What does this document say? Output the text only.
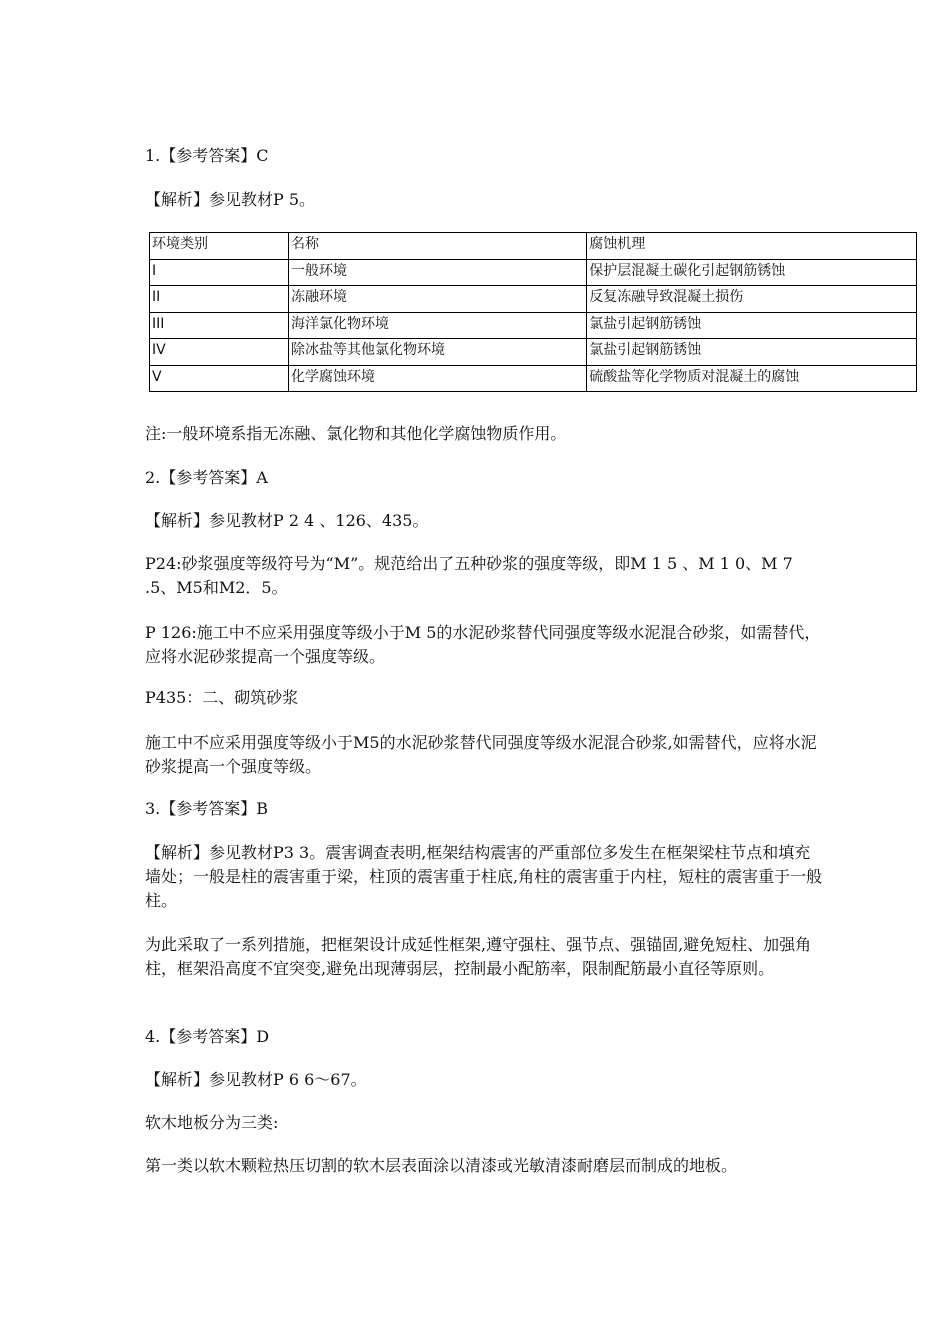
1.【参考答案】C

【解析】参见教材P 5。

环境类别	名称	腐蚀机理
I	一般环境	保护层混凝土碳化引起钢筋锈蚀
II	冻融环境	反复冻融导致混凝土损伤
III	海洋氯化物环境	氯盐引起钢筋锈蚀
IV	除冰盐等其他氯化物环境	氯盐引起钢筋锈蚀
V	化学腐蚀环境	硫酸盐等化学物质对混凝土的腐蚀

注:一般环境系指无冻融、氯化物和其他化学腐蚀物质作用。

2.【参考答案】A

【解析】参见教材P 2 4 、126、435。

P24:砂浆强度等级符号为“M”。规范给出了五种砂浆的强度等级，即M 1 5 、M 1 0、M 7 .5、M5和M2．5。

P 126:施工中不应采用强度等级小于M 5的水泥砂浆替代同强度等级水泥混合砂浆，如需替代，应将水泥砂浆提高一个强度等级。

P435：二、砌筑砂浆

施工中不应采用强度等级小于M5的水泥砂浆替代同强度等级水泥混合砂浆,如需替代，应将水泥砂浆提高一个强度等级。

3.【参考答案】B

【解析】参见教材P3 3。震害调查表明,框架结构震害的严重部位多发生在框架梁柱节点和填充墙处；一般是柱的震害重于梁，柱顶的震害重于柱底,角柱的震害重于内柱，短柱的震害重于一般柱。

为此采取了一系列措施，把框架设计成延性框架,遵守强柱、强节点、强锚固,避免短柱、加强角柱，框架沿高度不宜突变,避免出现薄弱层，控制最小配筋率，限制配筋最小直径等原则。

4.【参考答案】D

【解析】参见教材P 6 6～67。

软木地板分为三类:

第一类以软木颗粒热压切割的软木层表面涂以清漆或光敏清漆耐磨层而制成的地板。
